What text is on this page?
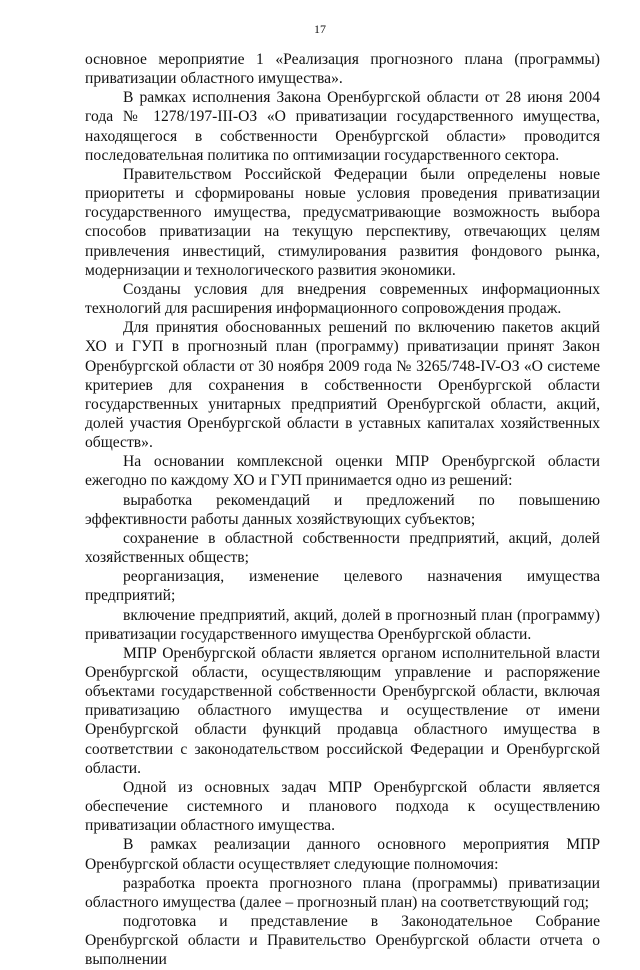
17

основное мероприятие 1 «Реализация прогнозного плана (программы) приватизации областного имущества».

В рамках исполнения Закона Оренбургской области от 28 июня 2004 года № 1278/197-III-ОЗ «О приватизации государственного имущества, находящегося в собственности Оренбургской области» проводится последовательная политика по оптимизации государственного сектора.

Правительством Российской Федерации были определены новые приоритеты и сформированы новые условия проведения приватизации государственного имущества, предусматривающие возможность выбора способов приватизации на текущую перспективу, отвечающих целям привлечения инвестиций, стимулирования развития фондового рынка, модернизации и технологического развития экономики.

Созданы условия для внедрения современных информационных технологий для расширения информационного сопровождения продаж.

Для принятия обоснованных решений по включению пакетов акций ХО и ГУП в прогнозный план (программу) приватизации принят Закон Оренбургской области от 30 ноября 2009 года № 3265/748-IV-ОЗ «О системе критериев для сохранения в собственности Оренбургской области государственных унитарных предприятий Оренбургской области, акций, долей участия Оренбургской области в уставных капиталах хозяйственных обществ».

На основании комплексной оценки МПР Оренбургской области ежегодно по каждому ХО и ГУП принимается одно из решений:

выработка рекомендаций и предложений по повышению эффективности работы данных хозяйствующих субъектов;

сохранение в областной собственности предприятий, акций, долей хозяйственных обществ;

реорганизация, изменение целевого назначения имущества предприятий;

включение предприятий, акций, долей в прогнозный план (программу) приватизации государственного имущества Оренбургской области.

МПР Оренбургской области является органом исполнительной власти Оренбургской области, осуществляющим управление и распоряжение объектами государственной собственности Оренбургской области, включая приватизацию областного имущества и осуществление от имени Оренбургской области функций продавца областного имущества в соответствии с законодательством российской Федерации и Оренбургской области.

Одной из основных задач МПР Оренбургской области является обеспечение системного и планового подхода к осуществлению приватизации областного имущества.

В рамках реализации данного основного мероприятия МПР Оренбургской области осуществляет следующие полномочия:

разработка проекта прогнозного плана (программы) приватизации областного имущества (далее – прогнозный план) на соответствующий год;

подготовка и представление в Законодательное Собрание Оренбургской области и Правительство Оренбургской области отчета о выполнении
